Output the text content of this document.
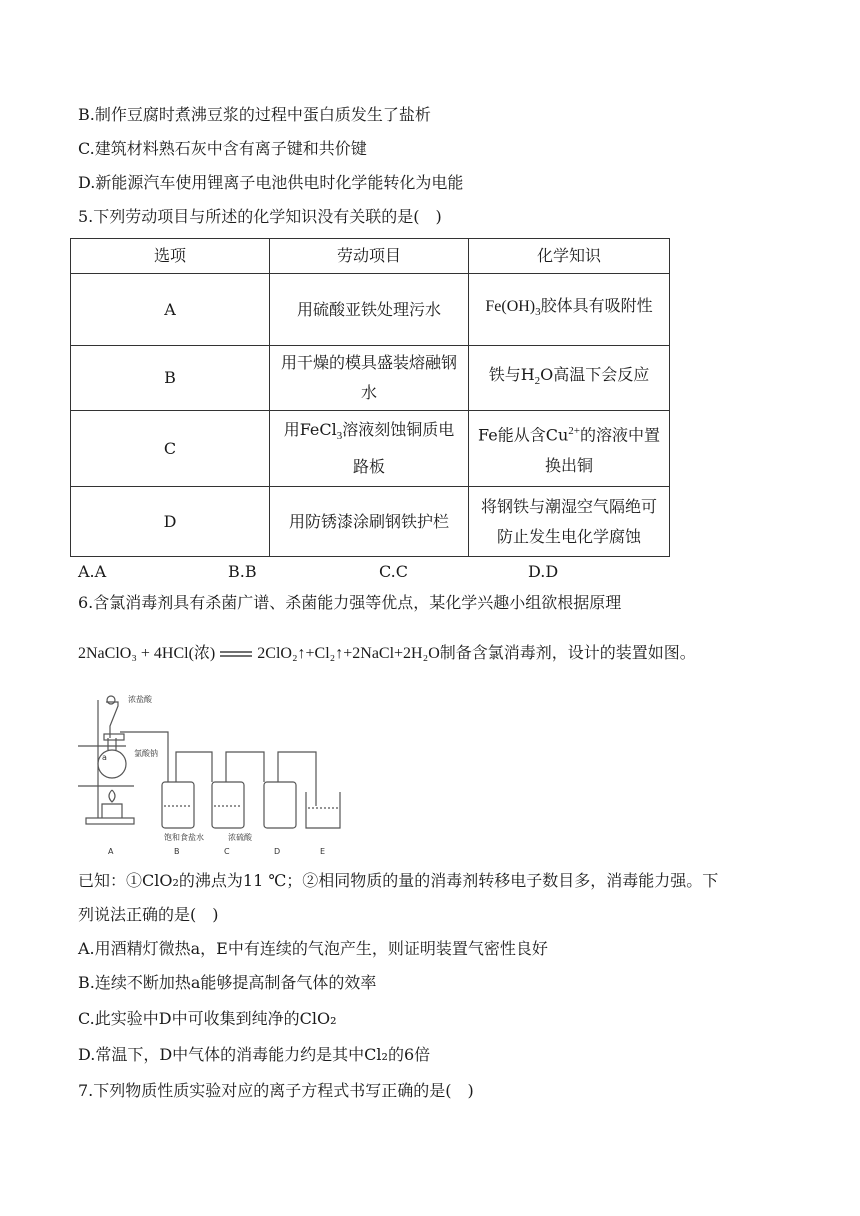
B.制作豆腐时煮沸豆浆的过程中蛋白质发生了盐析
C.建筑材料熟石灰中含有离子键和共价键
D.新能源汽车使用锂离子电池供电时化学能转化为电能
5.下列劳动项目与所述的化学知识没有关联的是(　)
选项	劳动项目	化学知识
A	用硫酸亚铁处理污水	$Fe(OH)_3$胶体具有吸附性
B	用干燥的模具盛装熔融钢水	铁与$H_2O$高温下会反应
C	用FeCl$_3$溶液刻蚀铜质电路板	Fe能从含$Cu^{2+}$的溶液中置换出铜
D	用防锈漆涂刷钢铁护栏	将钢铁与潮湿空气隔绝可防止发生电化学腐蚀
A.A	B.B	C.C	D.D
6.含氯消毒剂具有杀菌广谱、杀菌能力强等优点，某化学兴趣小组欲根据原理
2NaClO₃ + 4HCl(浓)	2ClO₂↑+Cl₂↑+2NaCl+2H₂O制备含氯消毒剂，设计的装置如图。
浓盐酸
氯酸钠
a
饱和食盐水	浓硫酸
A	B	C	D	E
已知：①ClO₂的沸点为11 ℃；②相同物质的量的消毒剂转移电子数目多，消毒能力强。下
列说法正确的是(　)
A.用酒精灯微热a，E中有连续的气泡产生，则证明装置气密性良好
B.连续不断加热a能够提高制备气体的效率
C.此实验中D中可收集到纯净的ClO₂
D.常温下，D中气体的消毒能力约是其中Cl₂的6倍
7.下列物质性质实验对应的离子方程式书写正确的是(　)
